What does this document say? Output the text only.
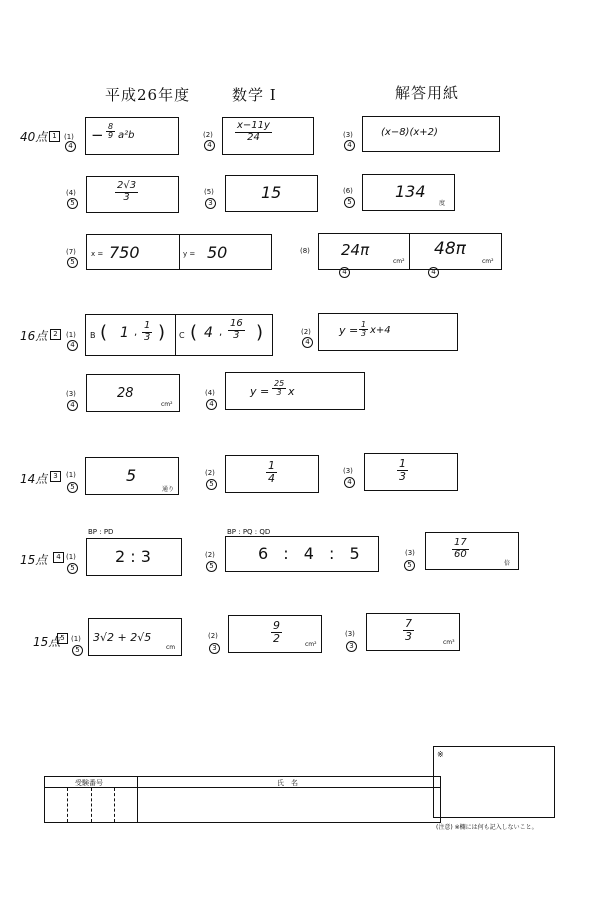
平成26年度	数学 I	解答用紙
40点 1	(1)
4
− 8
9 a²b	(2)
4
x−11y
24	(3)
4
(x−8)(x+2)
(4)
5
2√3
3	(5)
3
15	(6)
5
134
度
(7)
5
x = 750	y = 50	(8) 24π
cm²
48π
cm²
4	4
16点 2	(1)
4
B ( 1 ,
1
3 ) C ( 4 ,
16
3 )	(2)
4
y = 1
3 x+4
(3)
4
28
cm²
(4)
4
y =
25
3 x
14点 3	(1)
5
5
通り
(2)
5
1
4
(3)
4
1
3
15点	4
BP : PD
(1)
5
2 : 3
BP : PQ : QD
(2)
5
6 : 4 : 5	(3)
5
17
60
倍
15点 5 (1)
5
3√2 + 2√5
cm
(2)
3
9
2	cm²
(3)
3
7
3	cm³
受験番号	氏　名
※
(注意) ※欄には何も記入しないこと。
